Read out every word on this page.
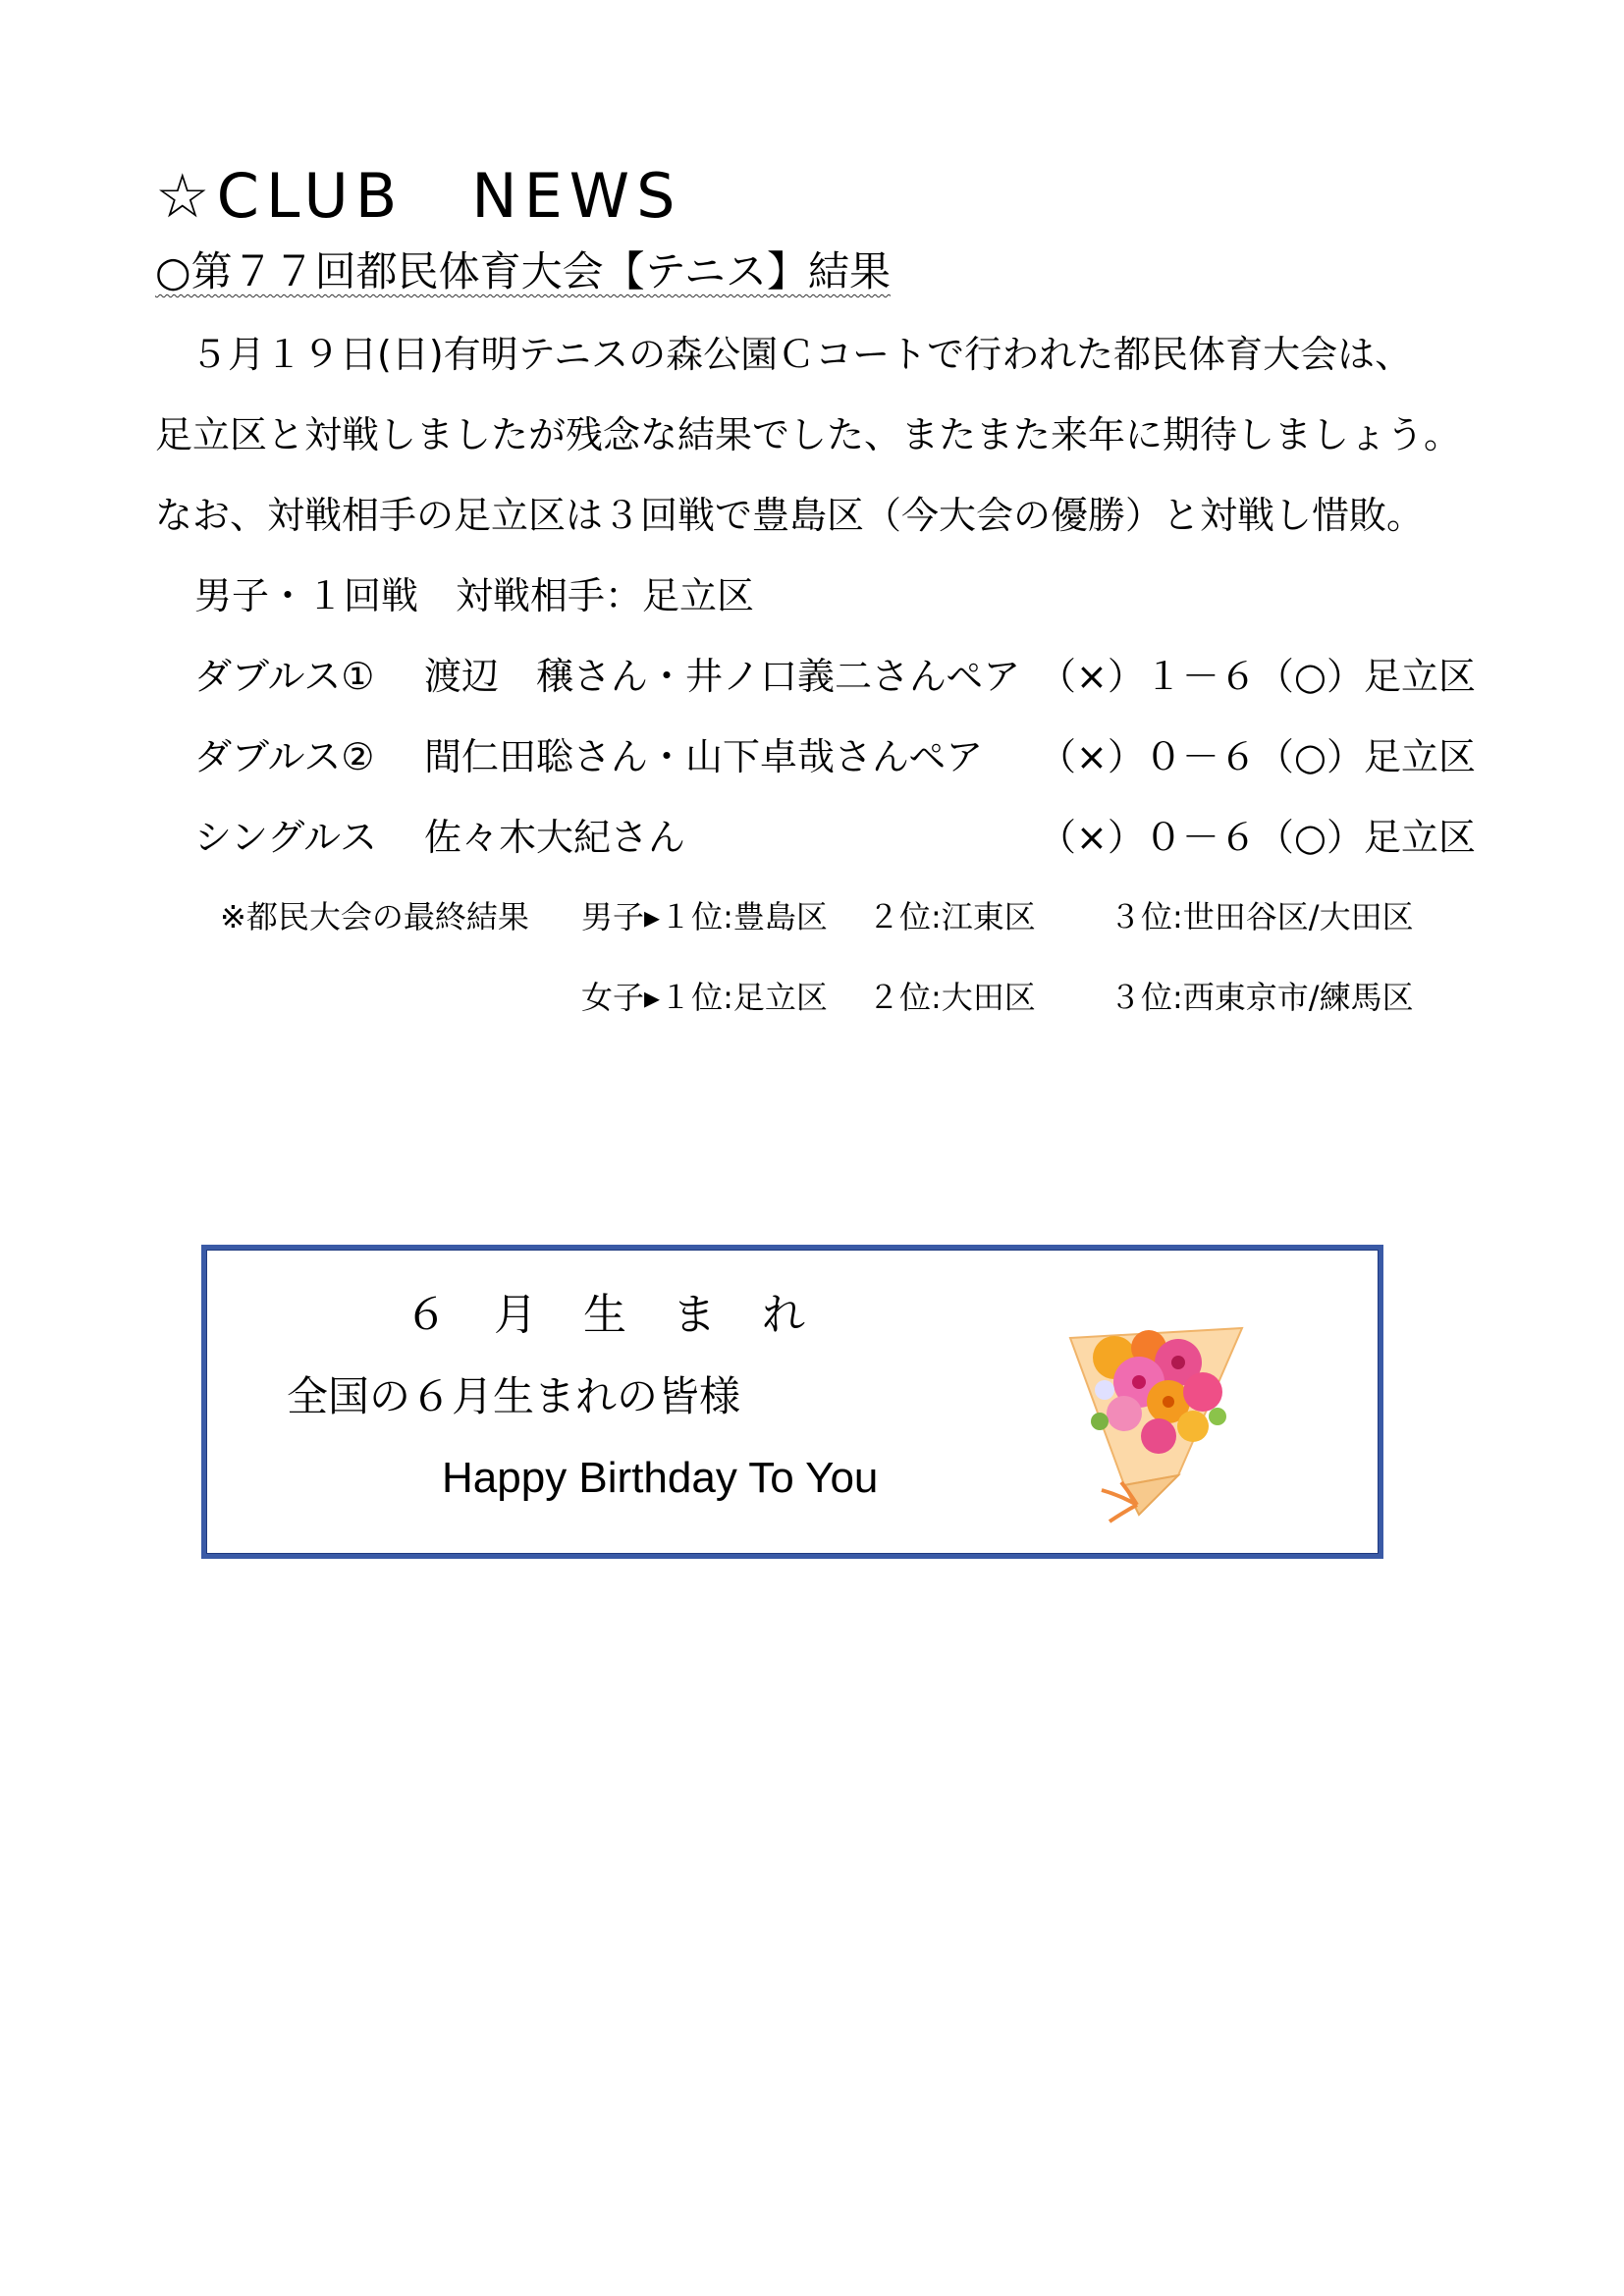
☆CLUB　NEWS
○第７７回都民体育大会【テニス】結果
５月１９日(日)有明テニスの森公園Ｃコートで行われた都民体育大会は、
足立区と対戦しましたが残念な結果でした、またまた来年に期待しましょう。
なお、対戦相手の足立区は３回戦で豊島区（今大会の優勝）と対戦し惜敗。
男子・１回戦　対戦相手：足立区
ダブルス① 渡辺　穣さん・井ノ口義二さんペア （×）１－６（○）足立区
ダブルス② 間仁田聡さん・山下卓哉さんペア （×）０－６（○）足立区
シングルス 佐々木大紀さん	（×）０－６（○）足立区
※都民大会の最終結果 男子▸１位:豊島区 ２位:江東区 ３位:世田谷区/大田区
女子▸１位:足立区 ２位:大田区 ３位:西東京市/練馬区
６月生まれ
全国の６月生まれの皆様
Happy Birthday To You
